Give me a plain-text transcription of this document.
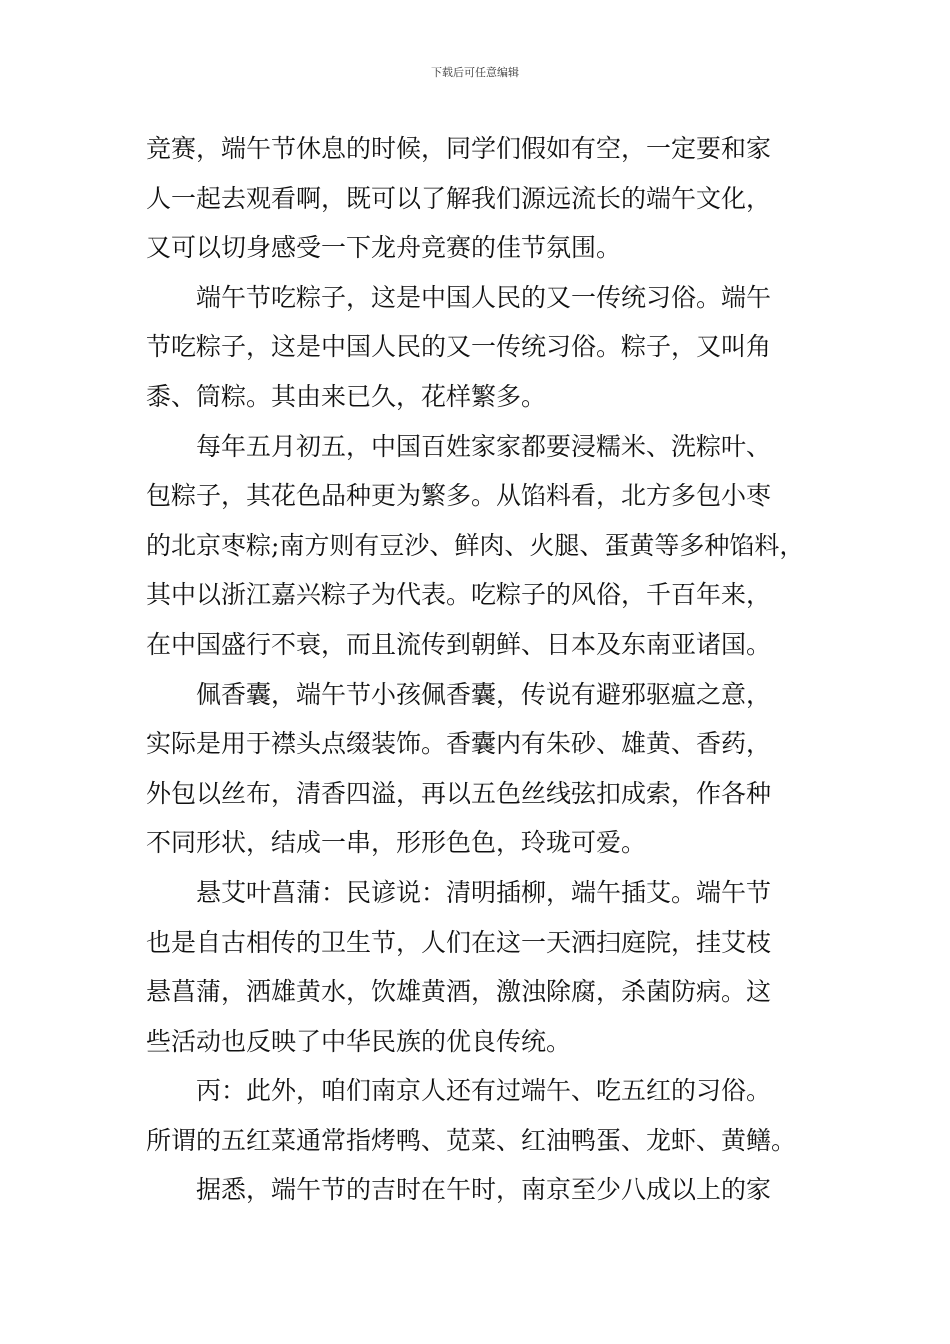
下载后可任意编辑
竞赛，端午节休息的时候，同学们假如有空，一定要和家
人一起去观看啊，既可以了解我们源远流长的端午文化，
又可以切身感受一下龙舟竞赛的佳节氛围。
　　端午节吃粽子，这是中国人民的又一传统习俗。端午
节吃粽子，这是中国人民的又一传统习俗。粽子，又叫角
黍、筒粽。其由来已久，花样繁多。
　　每年五月初五，中国百姓家家都要浸糯米、洗粽叶、
包粽子，其花色品种更为繁多。从馅料看，北方多包小枣
的北京枣粽;南方则有豆沙、鲜肉、火腿、蛋黄等多种馅料，
其中以浙江嘉兴粽子为代表。吃粽子的风俗，千百年来，
在中国盛行不衰，而且流传到朝鲜、日本及东南亚诸国。
　　佩香囊，端午节小孩佩香囊，传说有避邪驱瘟之意，
实际是用于襟头点缀装饰。香囊内有朱砂、雄黄、香药，
外包以丝布，清香四溢，再以五色丝线弦扣成索，作各种
不同形状，结成一串，形形色色，玲珑可爱。
　　悬艾叶菖蒲：民谚说：清明插柳，端午插艾。端午节
也是自古相传的卫生节，人们在这一天洒扫庭院，挂艾枝
悬菖蒲，洒雄黄水，饮雄黄酒，激浊除腐，杀菌防病。这
些活动也反映了中华民族的优良传统。
　　丙：此外，咱们南京人还有过端午、吃五红的习俗。
所谓的五红菜通常指烤鸭、苋菜、红油鸭蛋、龙虾、黄鳝。
　　据悉，端午节的吉时在午时，南京至少八成以上的家
